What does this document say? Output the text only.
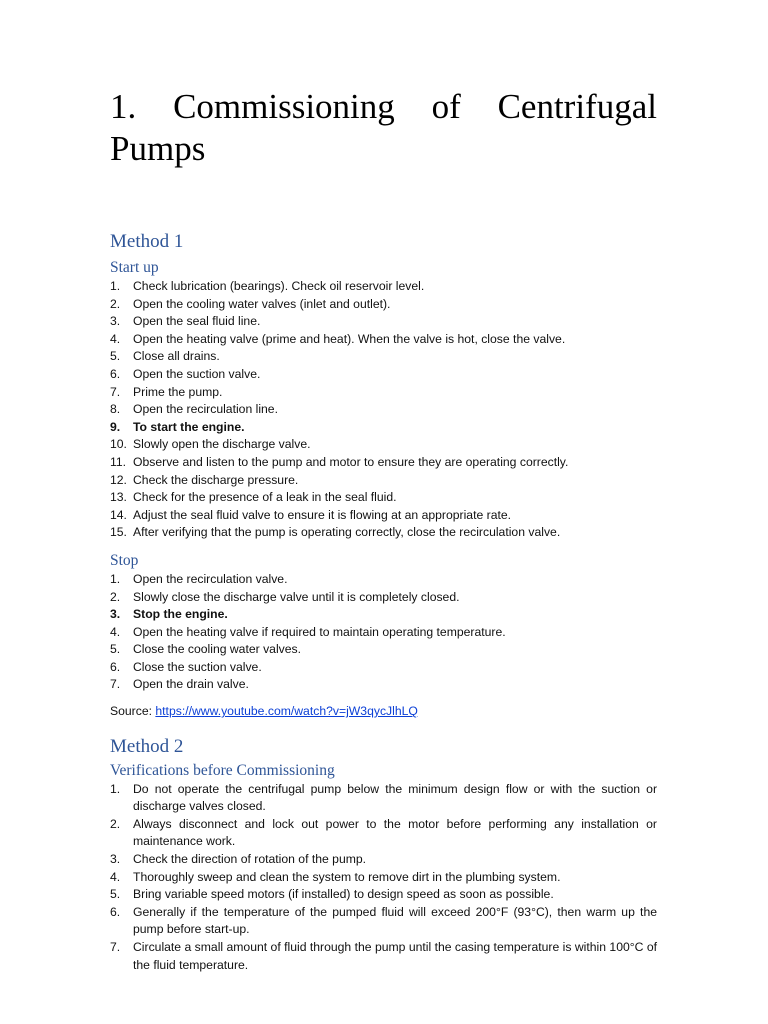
1. Commissioning of Centrifugal
Pumps
Method 1
Start up
1. Check lubrication (bearings). Check oil reservoir level.
2. Open the cooling water valves (inlet and outlet).
3. Open the seal fluid line.
4. Open the heating valve (prime and heat). When the valve is hot, close the valve.
5. Close all drains.
6. Open the suction valve.
7. Prime the pump.
8. Open the recirculation line.
9. To start the engine.
10. Slowly open the discharge valve.
11. Observe and listen to the pump and motor to ensure they are operating correctly.
12. Check the discharge pressure.
13. Check for the presence of a leak in the seal fluid.
14. Adjust the seal fluid valve to ensure it is flowing at an appropriate rate.
15. After verifying that the pump is operating correctly, close the recirculation valve.
Stop
1. Open the recirculation valve.
2. Slowly close the discharge valve until it is completely closed.
3. Stop the engine.
4. Open the heating valve if required to maintain operating temperature.
5. Close the cooling water valves.
6. Close the suction valve.
7. Open the drain valve.
Source: https://www.youtube.com/watch?v=jW3qycJlhLQ
Method 2
Verifications before Commissioning
1. Do not operate the centrifugal pump below the minimum design flow or with the suction or discharge valves closed.
2. Always disconnect and lock out power to the motor before performing any installation or maintenance work.
3. Check the direction of rotation of the pump.
4. Thoroughly sweep and clean the system to remove dirt in the plumbing system.
5. Bring variable speed motors (if installed) to design speed as soon as possible.
6. Generally if the temperature of the pumped fluid will exceed 200°F (93°C), then warm up the pump before start-up.
7. Circulate a small amount of fluid through the pump until the casing temperature is within 100°C of the fluid temperature.
